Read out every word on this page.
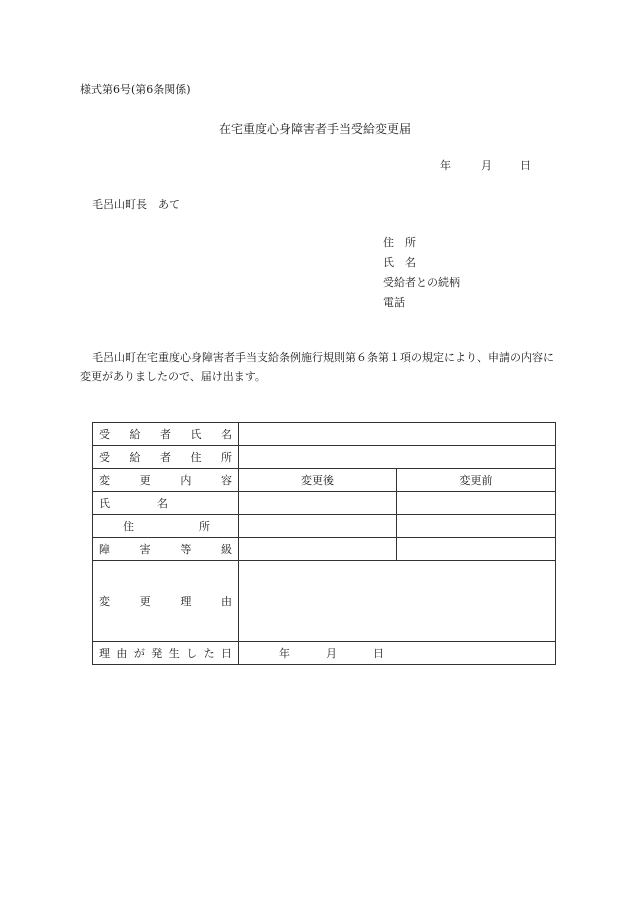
様式第6号(第6条関係)
在宅重度心身障害者手当受給変更届
年	月	日
毛呂山町長　あて
住　所
氏　名
受給者との続柄
電話
毛呂山町在宅重度心身障害者手当支給条例施行規則第６条第１項の規定により、申請の内容に変更がありましたので、届け出ます。
受給者氏名		
受給者住所		
変更内容	変更後	変更前
氏名		
住所		
障害等級		
変更理由		
理由が発生した日	年 月 日	
